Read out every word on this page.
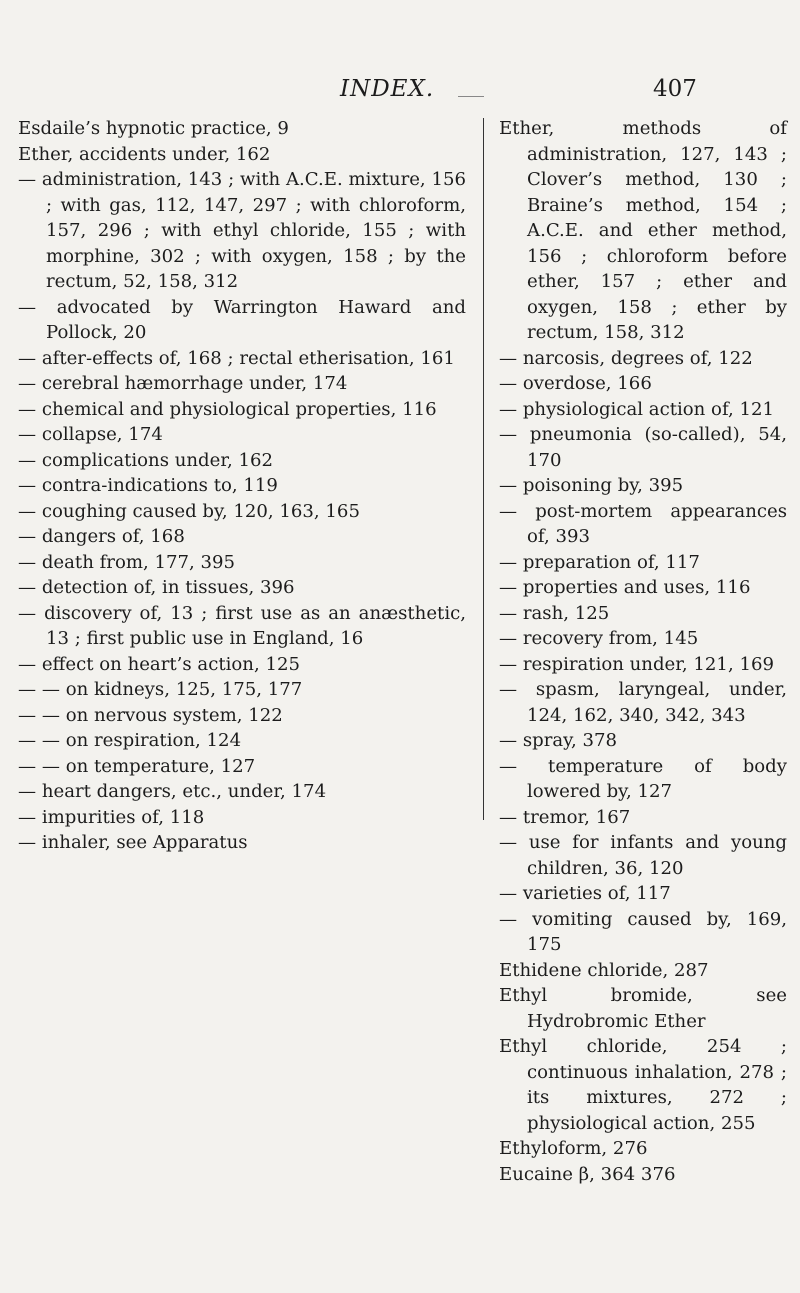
INDEX.	407

Esdaile’s hypnotic practice, 9

Ether, accidents under, 162

— administration, 143 ; with A.C.E. mixture, 156 ; with gas, 112, 147, 297 ; with chloroform, 157, 296 ; with ethyl chloride, 155 ; with morphine, 302 ; with oxygen, 158 ; by the rectum, 52, 158, 312

— advocated by Warrington Haward and Pollock, 20

— after-effects of, 168 ; rectal etherisation, 161

— cerebral hæmorrhage under, 174

— chemical and physiological properties, 116

— collapse, 174

— complications under, 162

— contra-indications to, 119

— coughing caused by, 120, 163, 165

— dangers of, 168

— death from, 177, 395

— detection of, in tissues, 396

— discovery of, 13 ; first use as an anæsthetic, 13 ; first public use in England, 16

— effect on heart’s action, 125

— — on kidneys, 125, 175, 177

— — on nervous system, 122

— — on respiration, 124

— — on temperature, 127

— heart dangers, etc., under, 174

— impurities of, 118

— inhaler, see Apparatus

Ether, methods of administration, 127, 143 ; Clover’s method, 130 ; Braine’s method, 154 ; A.C.E. and ether method, 156 ; chloroform before ether, 157 ; ether and oxygen, 158 ; ether by rectum, 158, 312

— narcosis, degrees of, 122

— overdose, 166

— physiological action of, 121

— pneumonia (so-called), 54, 170

— poisoning by, 395

— post-mortem appearances of, 393

— preparation of, 117

— properties and uses, 116

— rash, 125

— recovery from, 145

— respiration under, 121, 169

— spasm, laryngeal, under, 124, 162, 340, 342, 343

— spray, 378

— temperature of body lowered by, 127

— tremor, 167

— use for infants and young children, 36, 120

— varieties of, 117

— vomiting caused by, 169, 175

Ethidene chloride, 287

Ethyl bromide, see Hydrobromic Ether

Ethyl chloride, 254 ; continuous inhalation, 278 ; its mixtures, 272 ; physiological action, 255

Ethyloform, 276

Eucaine β, 364 376
